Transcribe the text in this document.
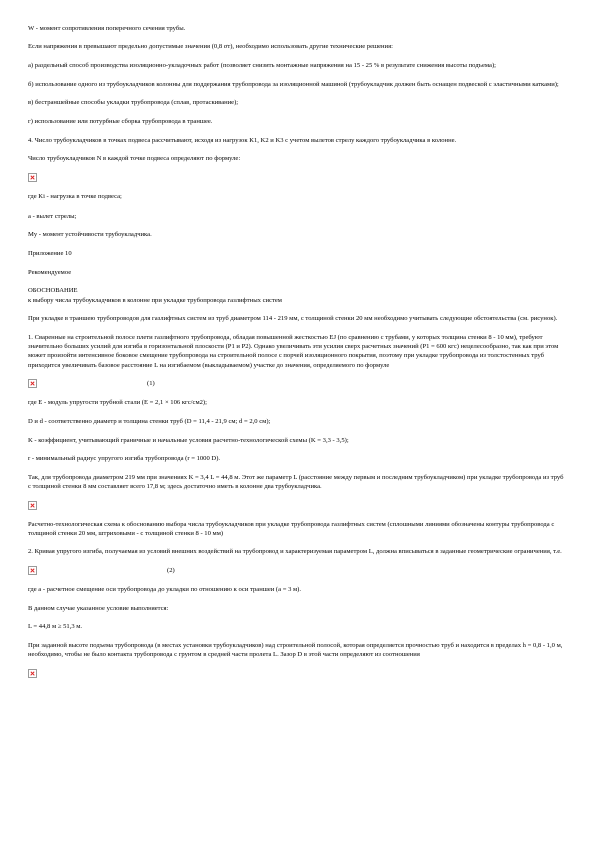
W - момент сопротивления поперечного сечения трубы.

Если напряжения в превышают предельно допустимые значения (0,8 σт), необходимо использовать другие технические решения:

а) раздельный способ производства изоляционно-укладочных работ (позволяет снизить монтажные напряжения на 15 - 25 % в результате снижения высоты подъема);

б) использование одного из трубоукладчиков колонны для поддержания трубопровода за изоляционной машиной (трубоукладчик должен быть оснащен подвеской с эластичными катками);

в) бестраншейные способы укладки трубопровода (сплав, протаскивание);

г) использование или потурбные сборка трубопровода в траншее.

4. Число трубоукладчиков в точках подвеса рассчитывают, исходя из нагрузок K1, K2 и K3 с учетом вылетов стрелу каждого трубоукладчика в колонне.

Число трубоукладчиков N в каждой точке подвеса определяют по формуле:

где Ki - нагрузка в точке подвеса;

a - вылет стрелы;

My - момент устойчивости трубоукладчика.

Приложение 10

Рекомендуемое

ОБОСНОВАНИЕ

к выбору числа трубоукладчиков в колонне при укладке трубопровода газлифтных систем

При укладке в траншею трубопроводов для газлифтных систем из труб диаметром 114 - 219 мм, с толщиной стенки 20 мм необходимо учитывать следующие обстоятельства (см. рисунок).

1. Сваренные на строительной полосе плети газлифтного трубопровода, обладая повышенной жесткостью EJ (по сравнению с трубами, у которых толщина стенки 8 - 10 мм), требуют значительно больших усилий для изгиба в горизонтальной плоскости (P1 и P2). Однако увеличивать эти усилия сверх расчетных значений (P1 = 600 кгс) нецелесообразно, так как при этом может произойти интенсивное боковое смещение трубопровода на строительной полосе с порчей изоляционного покрытия, поэтому при укладке трубопровода из толстостенных труб приходится увеличивать базовое расстояние L на изгибаемом (выкладываемом) участке до значения, определяемого по формуле

(1)

где E - модуль упругости трубной стали (E = 2,1 × 106 кгс/см2);

D и d - соответственно диаметр и толщина стенки труб (D = 11,4 - 21,9 см; d = 2,0 см);

K - коэффициент, учитывающий граничные и начальные условия расчетно-технологической схемы (K = 3,3 - 3,5);

r - минимальный радиус упругого изгиба трубопровода (r = 1000 D).

Так, для трубопровода диаметром 219 мм при значениях K = 3,4 L = 44,8 м. Этот же параметр L (расстояние между первым и последним трубоукладчиком) при укладке трубопровода из труб с толщиной стенки 8 мм составляет всего 17,8 м; здесь достаточно иметь в колонне два трубоукладчика.

Расчетно-технологическая схема к обоснованию выбора числа трубоукладчиков при укладке трубопровода газлифтных систем (сплошными линиями обозначены контуры трубопровода с толщиной стенки 20 мм, штриховыми - с толщиной стенки 8 - 10 мм)

2. Кривая упругого изгиба, получаемая из условий внешних воздействий на трубопровод и характеризуемая параметром L, должна вписываться в заданные геометрические ограничения, т.е.

(2)

где a - расчетное смещение оси трубопровода до укладки по отношению к оси траншеи (a = 3 м).

В данном случае указанное условие выполняется:

L = 44,8 м ≥ 51,3 м.

При заданной высоте подъема трубопровода (в местах установки трубоукладчиков) над строительной полосой, которая определяется прочностью труб и находится в пределах h = 0,8 - 1,0 м, необходимо, чтобы не было контакта трубопровода с грунтом в средней части пролета L. Зазор D в этой части определяют из соотношения
